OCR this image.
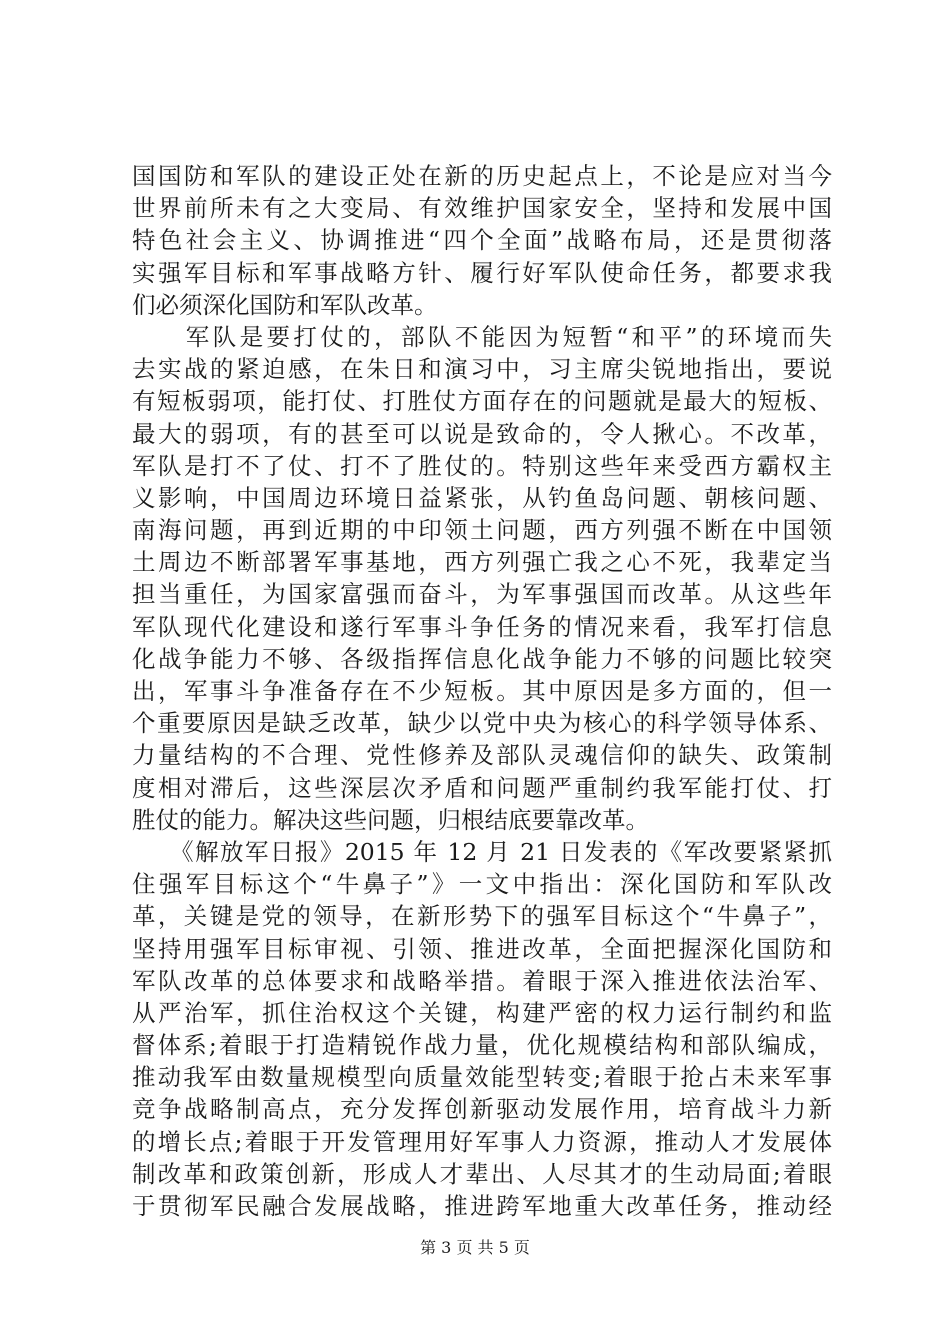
国国防和军队的建设正处在新的历史起点上，不论是应对当今
世界前所未有之大变局、有效维护国家安全，坚持和发展中国
特色社会主义、协调推进“四个全面”战略布局，还是贯彻落
实强军目标和军事战略方针、履行好军队使命任务，都要求我
们必须深化国防和军队改革。
　　军队是要打仗的，部队不能因为短暂“和平”的环境而失
去实战的紧迫感，在朱日和演习中，习主席尖锐地指出，要说
有短板弱项，能打仗、打胜仗方面存在的问题就是最大的短板、
最大的弱项，有的甚至可以说是致命的，令人揪心。不改革，
军队是打不了仗、打不了胜仗的。特别这些年来受西方霸权主
义影响，中国周边环境日益紧张，从钓鱼岛问题、朝核问题、
南海问题，再到近期的中印领土问题，西方列强不断在中国领
土周边不断部署军事基地，西方列强亡我之心不死，我辈定当
担当重任，为国家富强而奋斗，为军事强国而改革。从这些年
军队现代化建设和遂行军事斗争任务的情况来看，我军打信息
化战争能力不够、各级指挥信息化战争能力不够的问题比较突
出，军事斗争准备存在不少短板。其中原因是多方面的，但一
个重要原因是缺乏改革，缺少以党中央为核心的科学领导体系、
力量结构的不合理、党性修养及部队灵魂信仰的缺失、政策制
度相对滞后，这些深层次矛盾和问题严重制约我军能打仗、打
胜仗的能力。解决这些问题，归根结底要靠改革。
　　《解放军日报》2015 年 12 月 21 日发表的《军改要紧紧抓
住强军目标这个“牛鼻子”》一文中指出：深化国防和军队改
革，关键是党的领导，在新形势下的强军目标这个“牛鼻子”，
坚持用强军目标审视、引领、推进改革，全面把握深化国防和
军队改革的总体要求和战略举措。着眼于深入推进依法治军、
从严治军，抓住治权这个关键，构建严密的权力运行制约和监
督体系;着眼于打造精锐作战力量，优化规模结构和部队编成，
推动我军由数量规模型向质量效能型转变;着眼于抢占未来军事
竞争战略制高点，充分发挥创新驱动发展作用，培育战斗力新
的增长点;着眼于开发管理用好军事人力资源，推动人才发展体
制改革和政策创新，形成人才辈出、人尽其才的生动局面;着眼
于贯彻军民融合发展战略，推进跨军地重大改革任务，推动经
第 3 页 共 5 页
